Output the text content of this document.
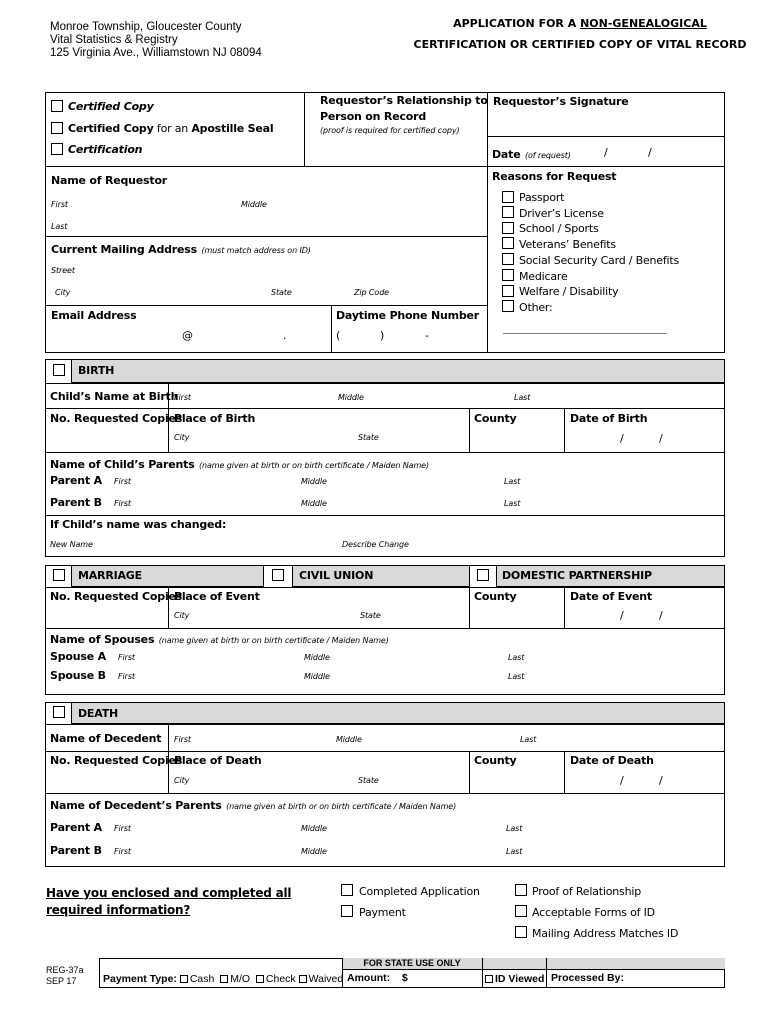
Monroe Township, Gloucester County
Vital Statistics & Registry
125 Virginia Ave., Williamstown NJ 08094
APPLICATION FOR A NON-GENEALOGICAL
CERTIFICATION OR CERTIFIED COPY OF VITAL RECORD
Certified Copy
Certified Copy for an Apostille Seal
Certification
Requestor’s Relationship to
Person on Record
(proof is required for certified copy)
Requestor’s Signature
Date (of request)	/	/
Name of Requestor
First	Middle
Last
Current Mailing Address (must match address on ID)
Street
City	State	Zip Code
Email Address
@	.
Daytime Phone Number
(	)	-
Reasons for Request
Passport
Driver’s License
School / Sports
Veterans’ Benefits
Social Security Card / Benefits
Medicare
Welfare / Disability
Other:
BIRTH
Child’s Name at Birth
First	Middle	Last
No. Requested Copies
Place of Birth	County	Date of Birth
City	State	/	/
Name of Child’s Parents (name given at birth or on birth certificate / Maiden Name)
Parent A First	Middle	Last
Parent B First	Middle	Last
If Child’s name was changed:
New Name	Describe Change
MARRIAGE	CIVIL UNION	DOMESTIC PARTNERSHIP
No. Requested Copies
Place of Event	County	Date of Event
City	State	/	/
Name of Spouses (name given at birth or on birth certificate / Maiden Name)
Spouse A First	Middle	Last
Spouse B First	Middle	Last
DEATH
Name of Decedent First	Middle	Last
No. Requested Copies
Place of Death	County	Date of Death
City	State	/	/
Name of Decedent’s Parents (name given at birth or on birth certificate / Maiden Name)
Parent A First	Middle	Last
Parent B First	Middle	Last
Have you enclosed and completed all
required information?
Completed Application
Payment
Proof of Relationship
Acceptable Forms of ID
Mailing Address Matches ID
REG-37a
SEP 17
FOR STATE USE ONLY
Payment Type: Cash M/O Check Waived Amount: $	ID Viewed Processed By:
